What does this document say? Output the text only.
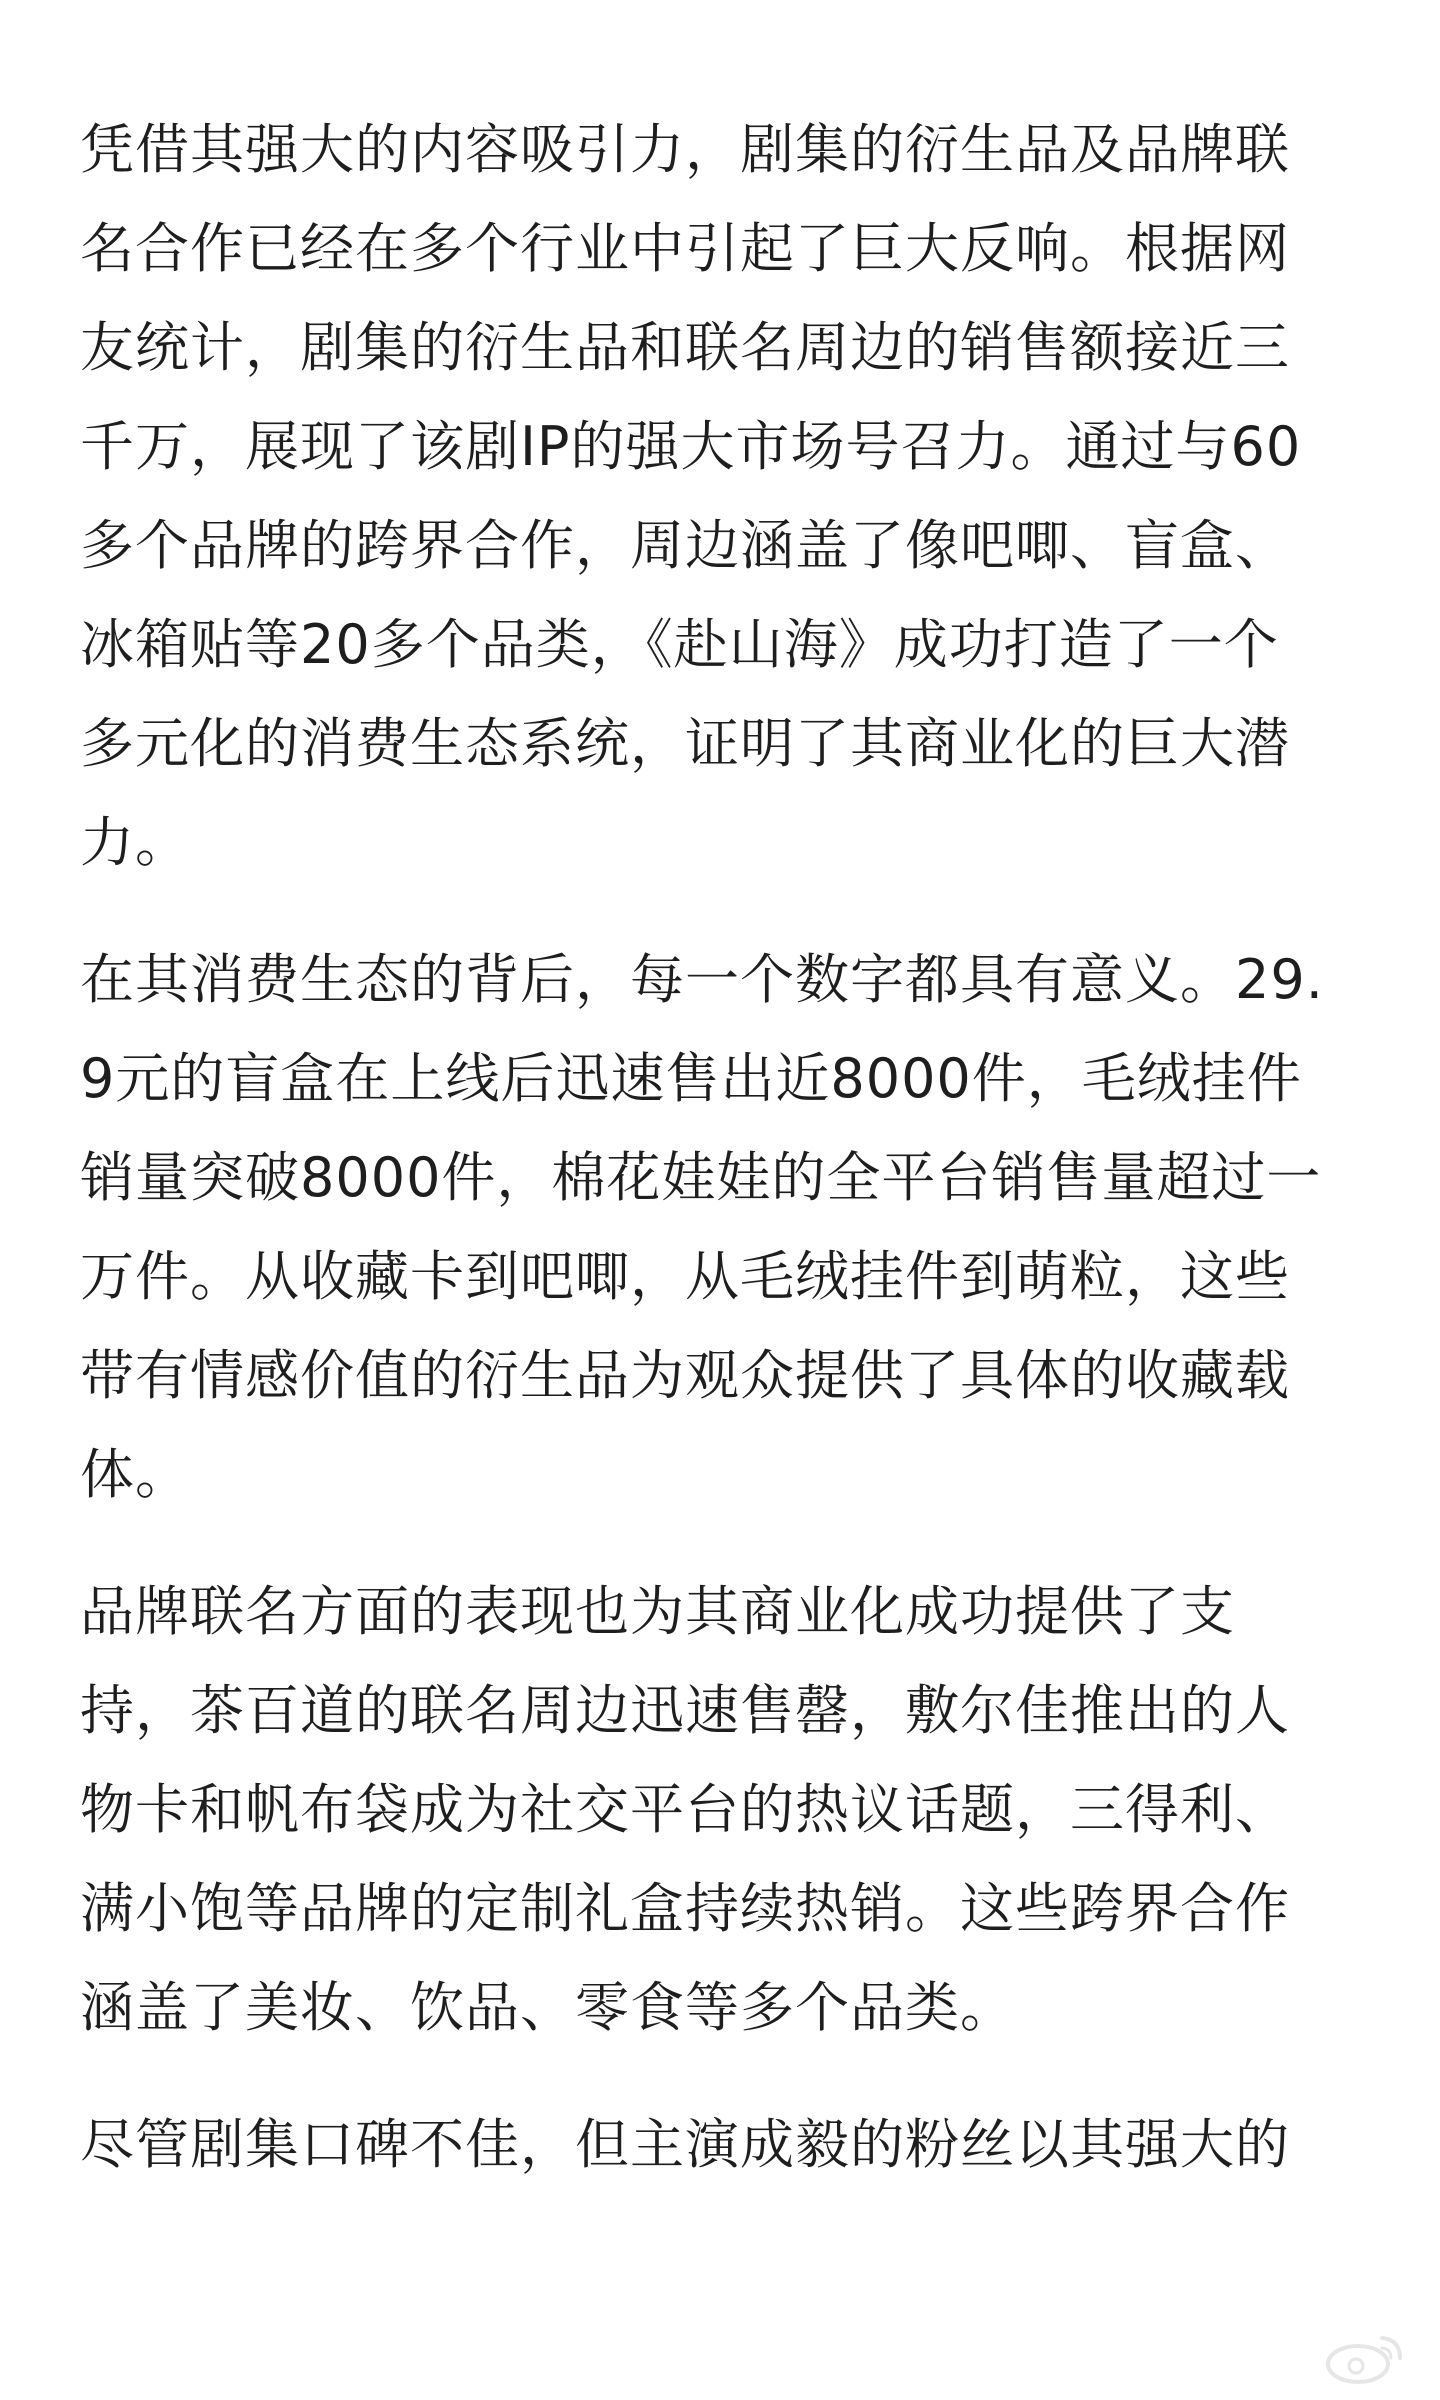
凭借其强大的内容吸引力，剧集的衍生品及品牌联
名合作已经在多个行业中引起了巨大反响。根据网
友统计，剧集的衍生品和联名周边的销售额接近三
千万，展现了该剧IP的强大市场号召力。通过与60
多个品牌的跨界合作，周边涵盖了像吧唧、盲盒、
冰箱贴等20多个品类，《赴山海》成功打造了一个
多元化的消费生态系统，证明了其商业化的巨大潜
力。
在其消费生态的背后，每一个数字都具有意义。29.
9元的盲盒在上线后迅速售出近8000件，毛绒挂件
销量突破8000件，棉花娃娃的全平台销售量超过一
万件。从收藏卡到吧唧，从毛绒挂件到萌粒，这些
带有情感价值的衍生品为观众提供了具体的收藏载
体。
品牌联名方面的表现也为其商业化成功提供了支
持，茶百道的联名周边迅速售罄，敷尔佳推出的人
物卡和帆布袋成为社交平台的热议话题，三得利、
满小饱等品牌的定制礼盒持续热销。这些跨界合作
涵盖了美妆、饮品、零食等多个品类。
尽管剧集口碑不佳，但主演成毅的粉丝以其强大的
